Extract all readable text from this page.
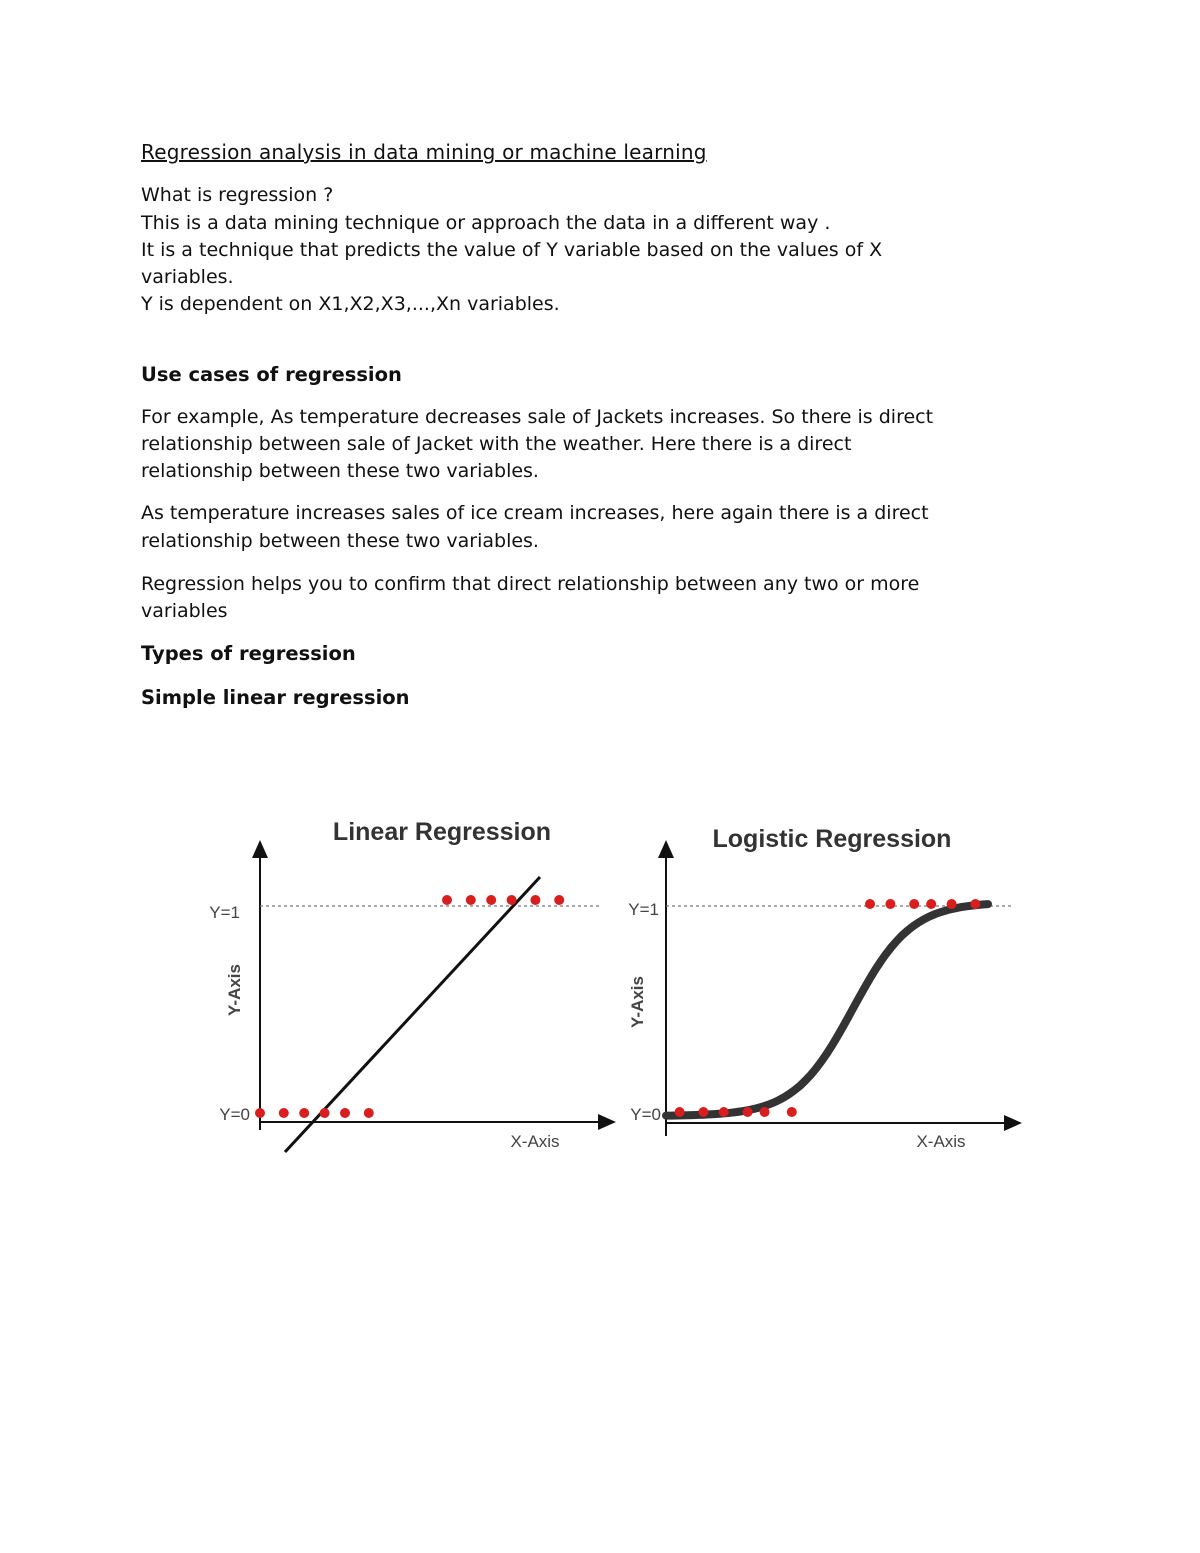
Regression analysis in data mining or machine learning
What is regression ?
This is a data mining technique or approach the data in a different way .
It is a technique that predicts the value of Y variable based on the values of X
variables.
Y is dependent on X1,X2,X3,...,Xn variables.
Use cases of regression
For example, As temperature decreases sale of Jackets increases. So there is direct
relationship between sale of Jacket with the weather. Here there is a direct
relationship between these two variables.
As temperature increases sales of ice cream increases, here again there is a direct
relationship between these two variables.
Regression helps you to confirm that direct relationship between any two or more
variables
Types of regression
Simple linear regression
Linear Regression
Y=1
Y=0
Y-Axis
X-Axis
Logistic Regression
Y=1
Y=0
Y-Axis
X-Axis
